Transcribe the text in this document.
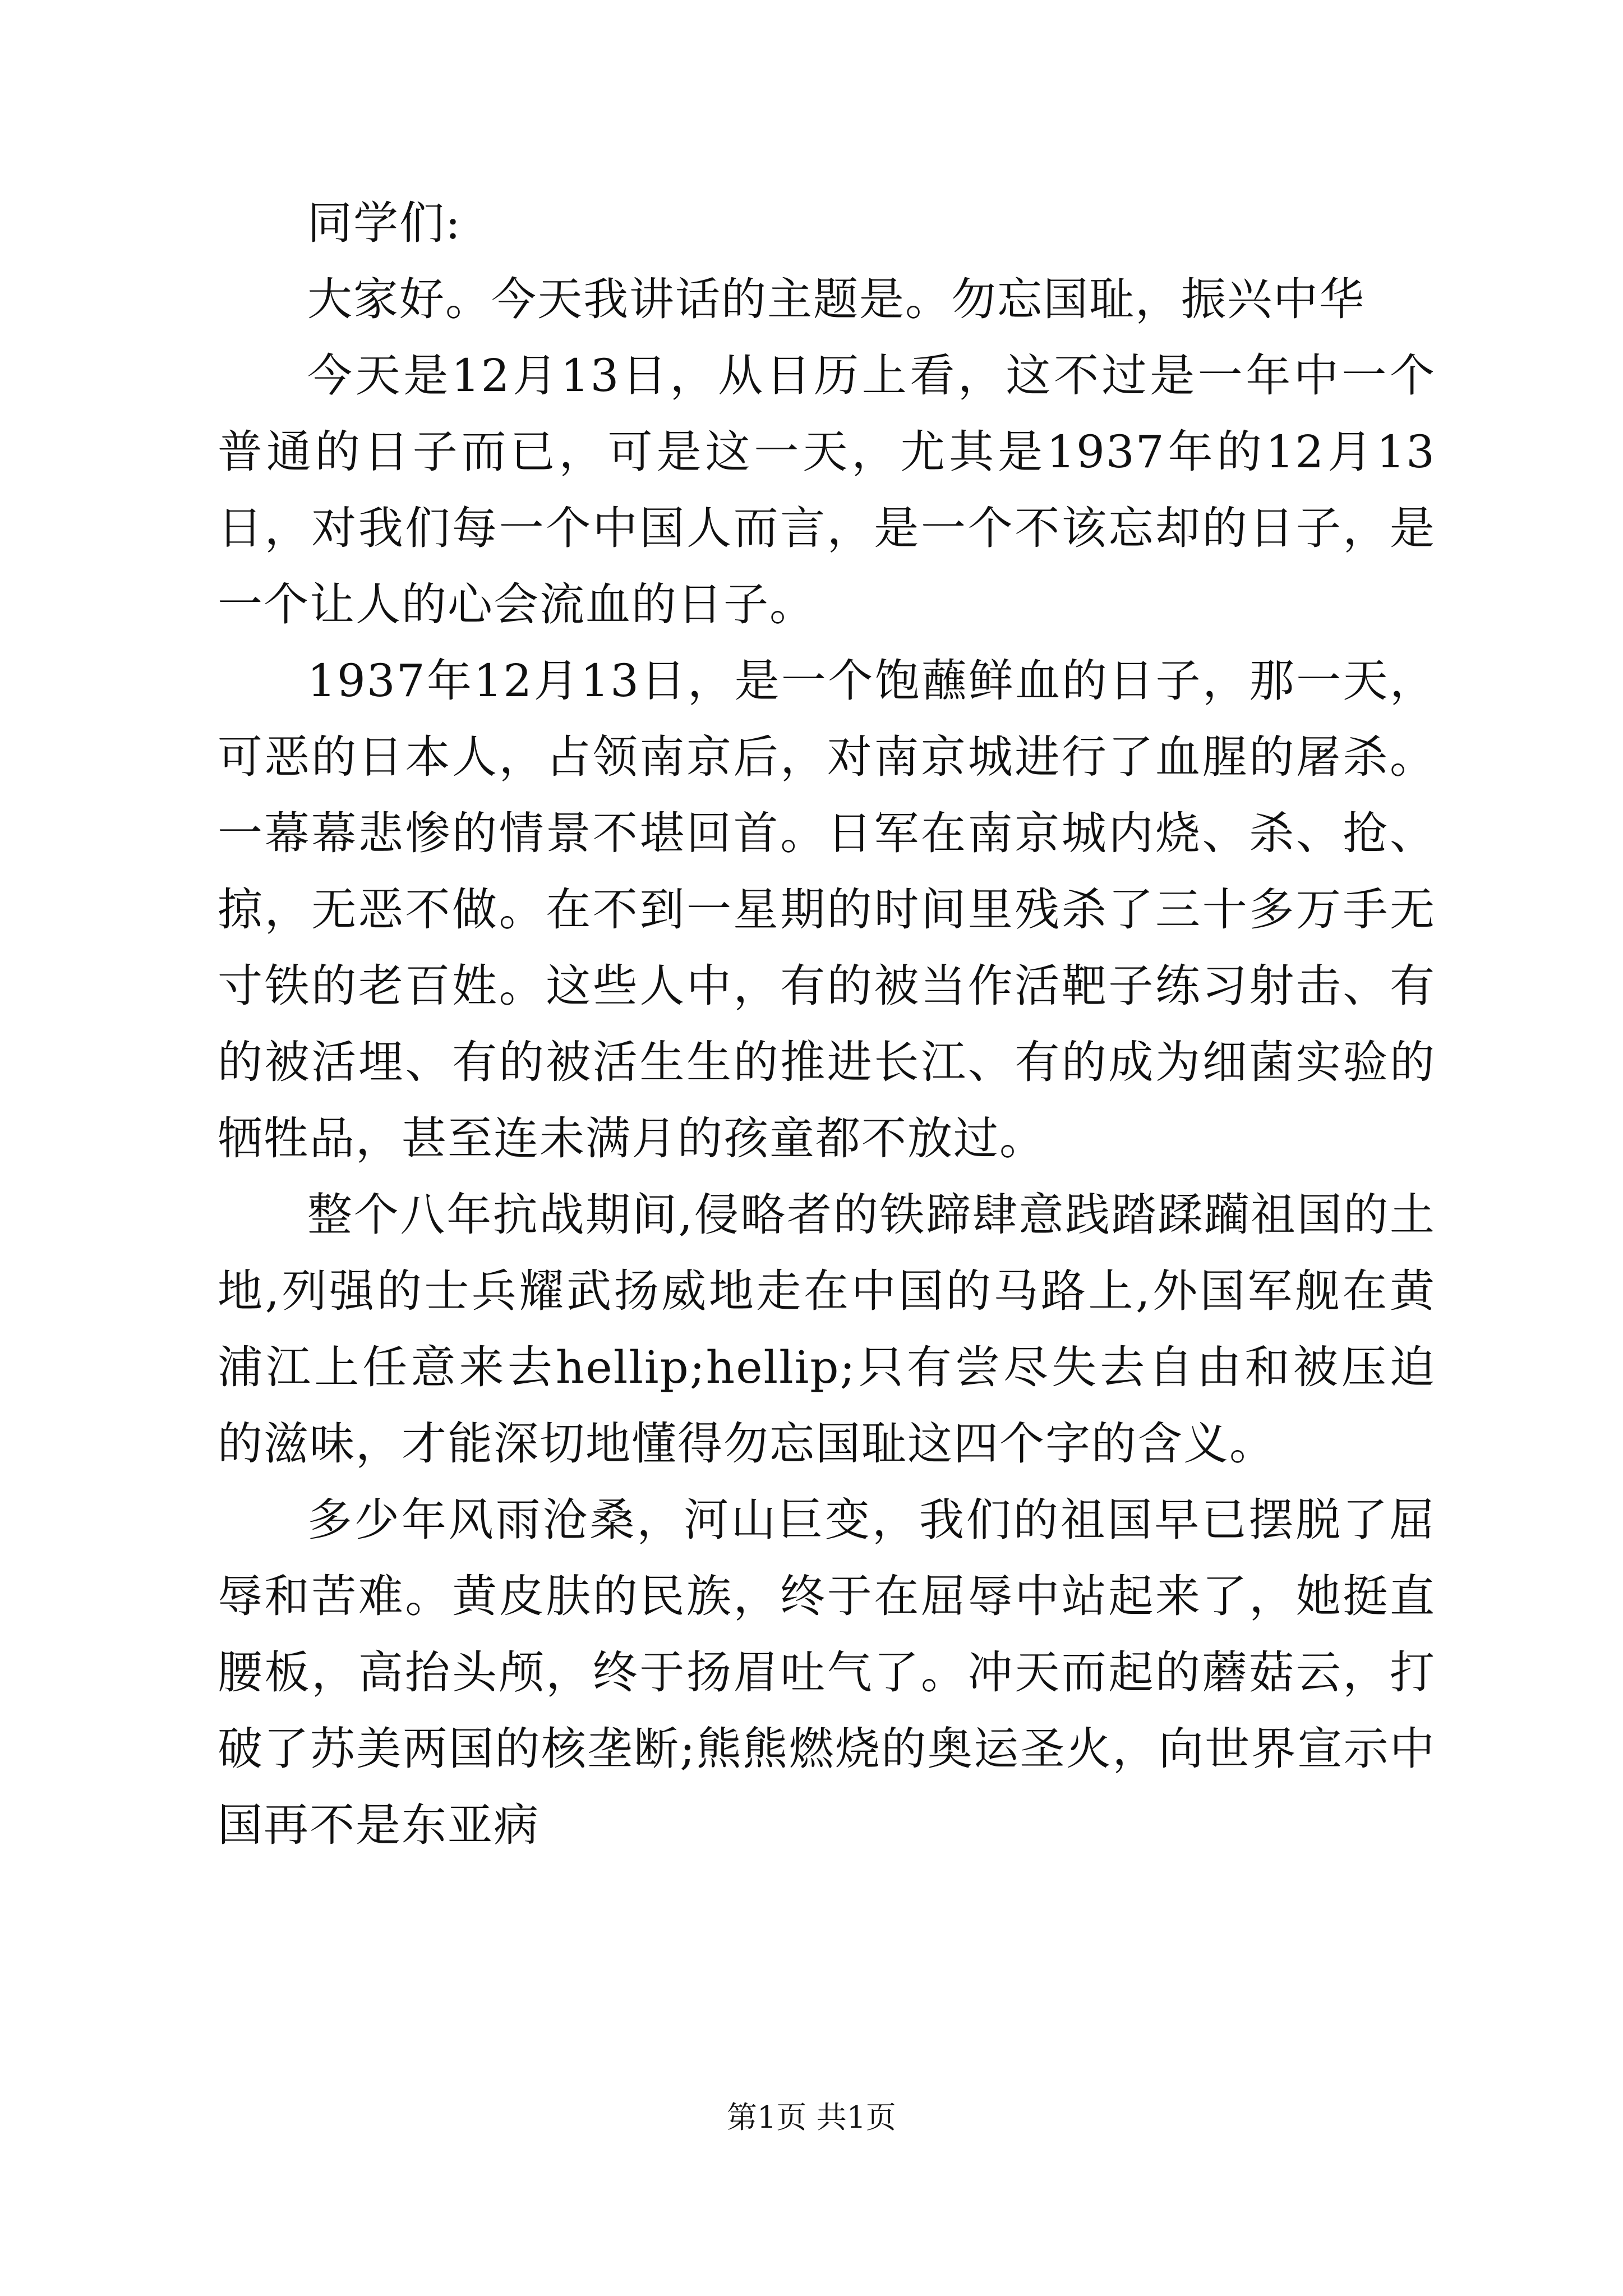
同学们:

大家好。今天我讲话的主题是。勿忘国耻，振兴中华

今天是12月13日，从日历上看，这不过是一年中一个普通的日子而已，可是这一天，尤其是1937年的12月13日，对我们每一个中国人而言，是一个不该忘却的日子，是一个让人的心会流血的日子。

1937年12月13日，是一个饱蘸鲜血的日子，那一天，可恶的日本人，占领南京后，对南京城进行了血腥的屠杀。一幕幕悲惨的情景不堪回首。日军在南京城内烧、杀、抢、掠，无恶不做。在不到一星期的时间里残杀了三十多万手无寸铁的老百姓。这些人中，有的被当作活靶子练习射击、有的被活埋、有的被活生生的推进长江、有的成为细菌实验的牺牲品，甚至连未满月的孩童都不放过。

整个八年抗战期间,侵略者的铁蹄肆意践踏蹂躏祖国的土地,列强的士兵耀武扬威地走在中国的马路上,外国军舰在黄浦江上任意来去hellip;hellip;只有尝尽失去自由和被压迫的滋味，才能深切地懂得勿忘国耻这四个字的含义。

多少年风雨沧桑，河山巨变，我们的祖国早已摆脱了屈辱和苦难。黄皮肤的民族，终于在屈辱中站起来了，她挺直腰板，高抬头颅，终于扬眉吐气了。冲天而起的蘑菇云，打破了苏美两国的核垄断;熊熊燃烧的奥运圣火，向世界宣示中国再不是东亚病

第1页 共1页
